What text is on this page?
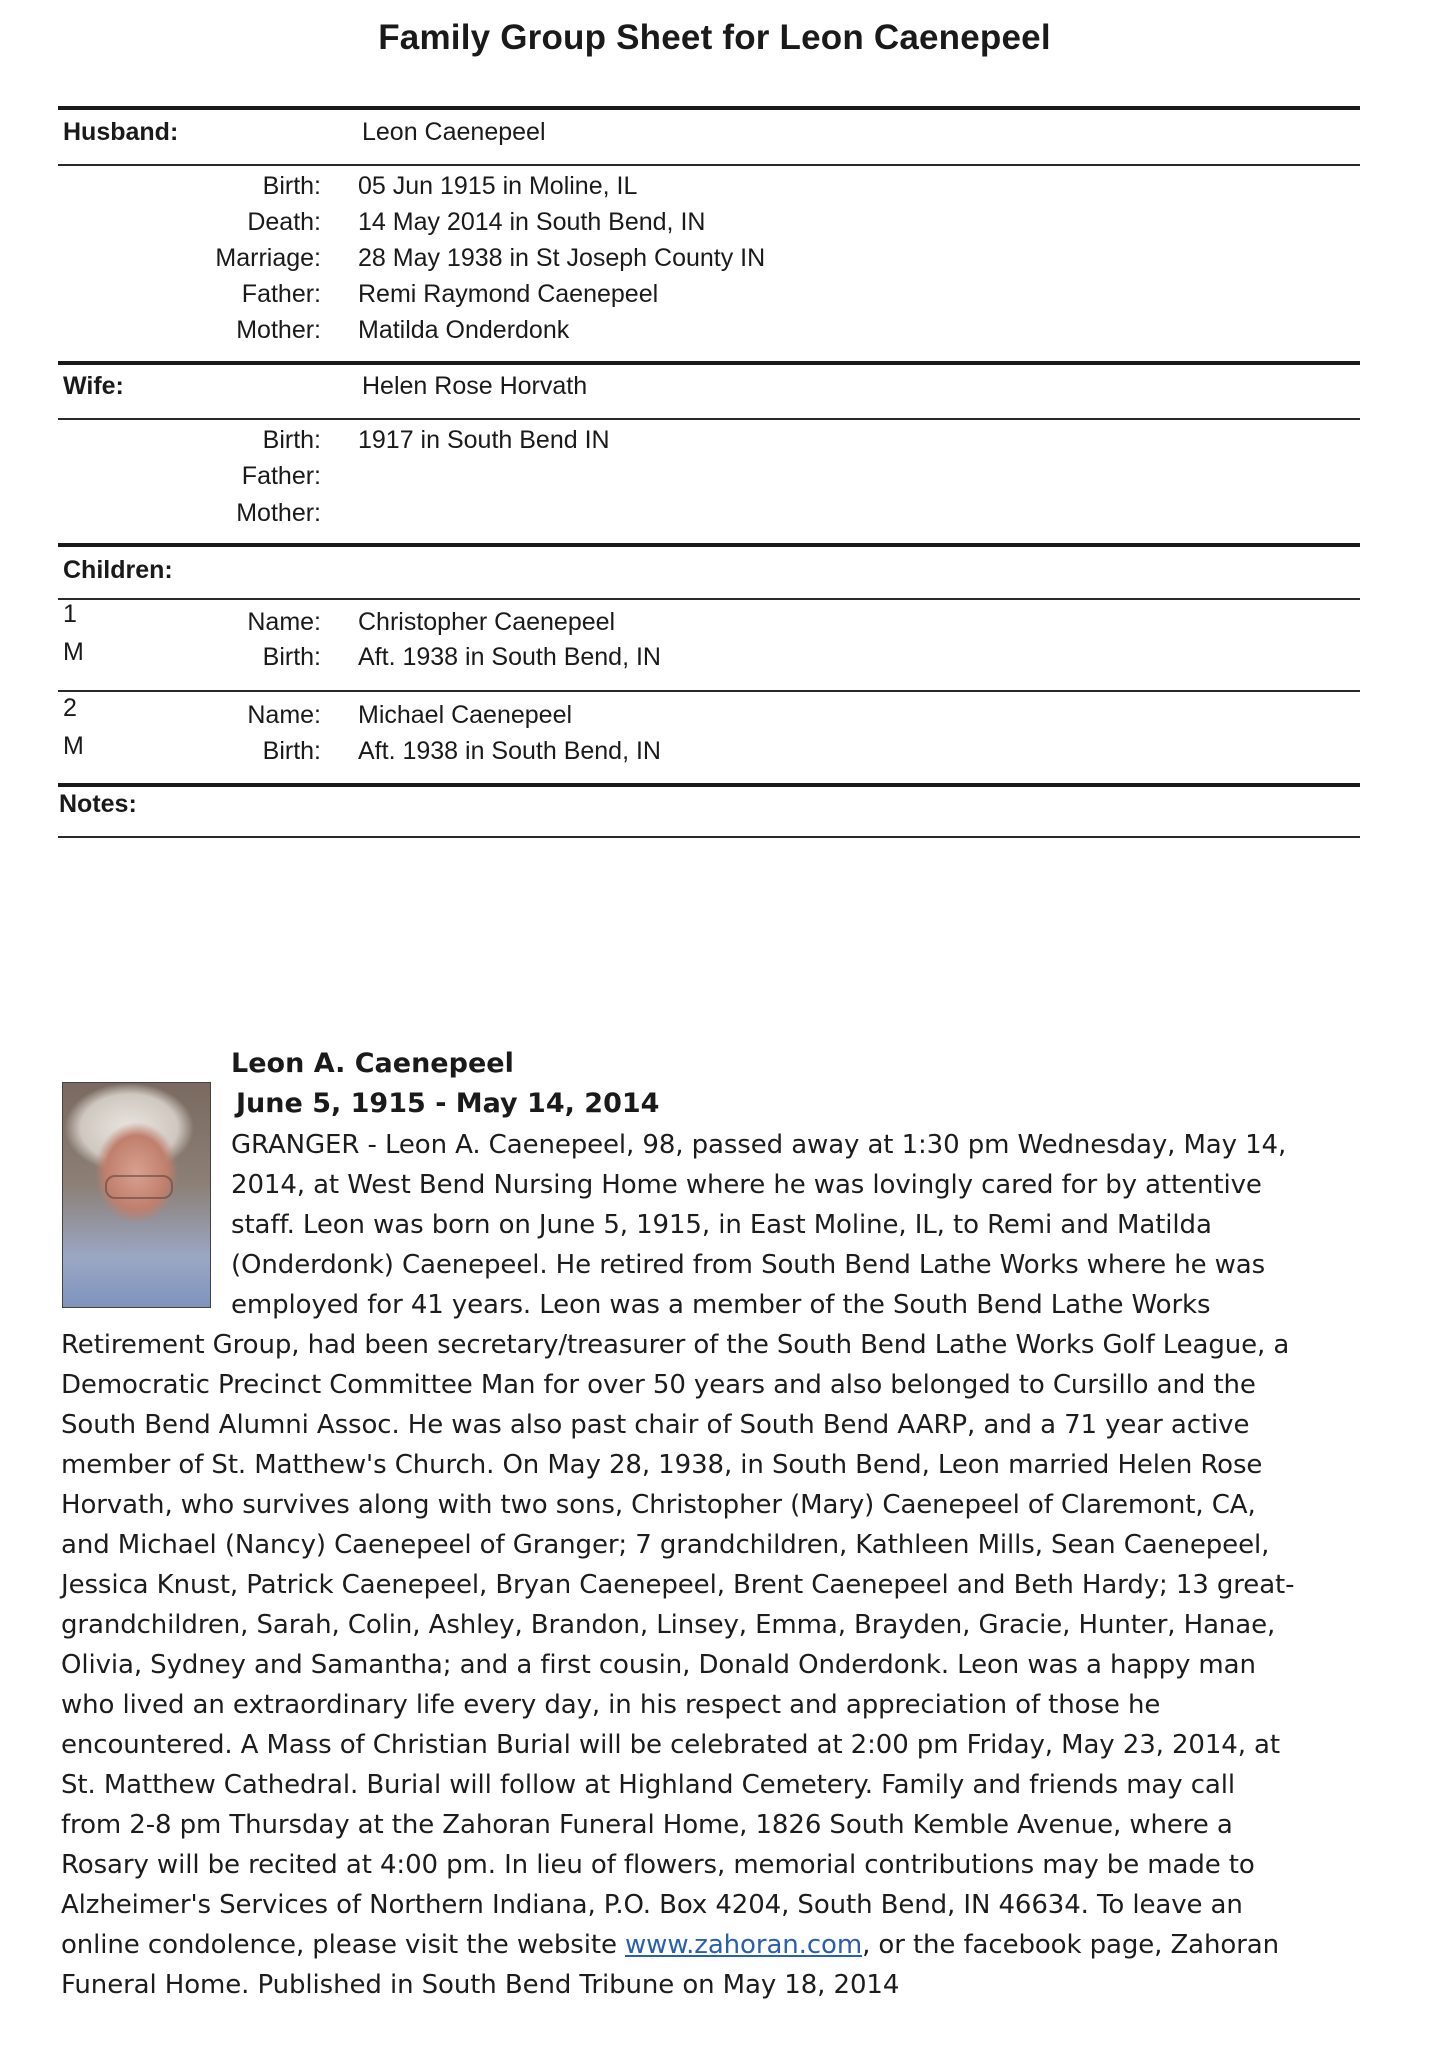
Family Group Sheet for Leon Caenepeel
Husband:	Leon Caenepeel
Birth: 05 Jun 1915 in Moline, IL
Death: 14 May 2014 in South Bend, IN
Marriage: 28 May 1938 in St Joseph County IN
Father: Remi Raymond Caenepeel
Mother: Matilda Onderdonk
Wife:	Helen Rose Horvath
Birth: 1917 in South Bend IN
Father:
Mother:
Children:
1
M
Name: Christopher Caenepeel
Birth: Aft. 1938 in South Bend, IN
2
M
Name: Michael Caenepeel
Birth: Aft. 1938 in South Bend, IN
Notes:
Leon A. Caenepeel
June 5, 1915 - May 14, 2014
GRANGER - Leon A. Caenepeel, 98, passed away at 1:30 pm Wednesday, May 14,
2014, at West Bend Nursing Home where he was lovingly cared for by attentive
staff. Leon was born on June 5, 1915, in East Moline, IL, to Remi and Matilda
(Onderdonk) Caenepeel. He retired from South Bend Lathe Works where he was
employed for 41 years. Leon was a member of the South Bend Lathe Works
Retirement Group, had been secretary/treasurer of the South Bend Lathe Works Golf League, a
Democratic Precinct Committee Man for over 50 years and also belonged to Cursillo and the
South Bend Alumni Assoc. He was also past chair of South Bend AARP, and a 71 year active
member of St. Matthew's Church. On May 28, 1938, in South Bend, Leon married Helen Rose
Horvath, who survives along with two sons, Christopher (Mary) Caenepeel of Claremont, CA,
and Michael (Nancy) Caenepeel of Granger; 7 grandchildren, Kathleen Mills, Sean Caenepeel,
Jessica Knust, Patrick Caenepeel, Bryan Caenepeel, Brent Caenepeel and Beth Hardy; 13 great-
grandchildren, Sarah, Colin, Ashley, Brandon, Linsey, Emma, Brayden, Gracie, Hunter, Hanae,
Olivia, Sydney and Samantha; and a first cousin, Donald Onderdonk. Leon was a happy man
who lived an extraordinary life every day, in his respect and appreciation of those he
encountered. A Mass of Christian Burial will be celebrated at 2:00 pm Friday, May 23, 2014, at
St. Matthew Cathedral. Burial will follow at Highland Cemetery. Family and friends may call
from 2-8 pm Thursday at the Zahoran Funeral Home, 1826 South Kemble Avenue, where a
Rosary will be recited at 4:00 pm. In lieu of flowers, memorial contributions may be made to
Alzheimer's Services of Northern Indiana, P.O. Box 4204, South Bend, IN 46634. To leave an
online condolence, please visit the website www.zahoran.com, or the facebook page, Zahoran
Funeral Home. Published in South Bend Tribune on May 18, 2014
